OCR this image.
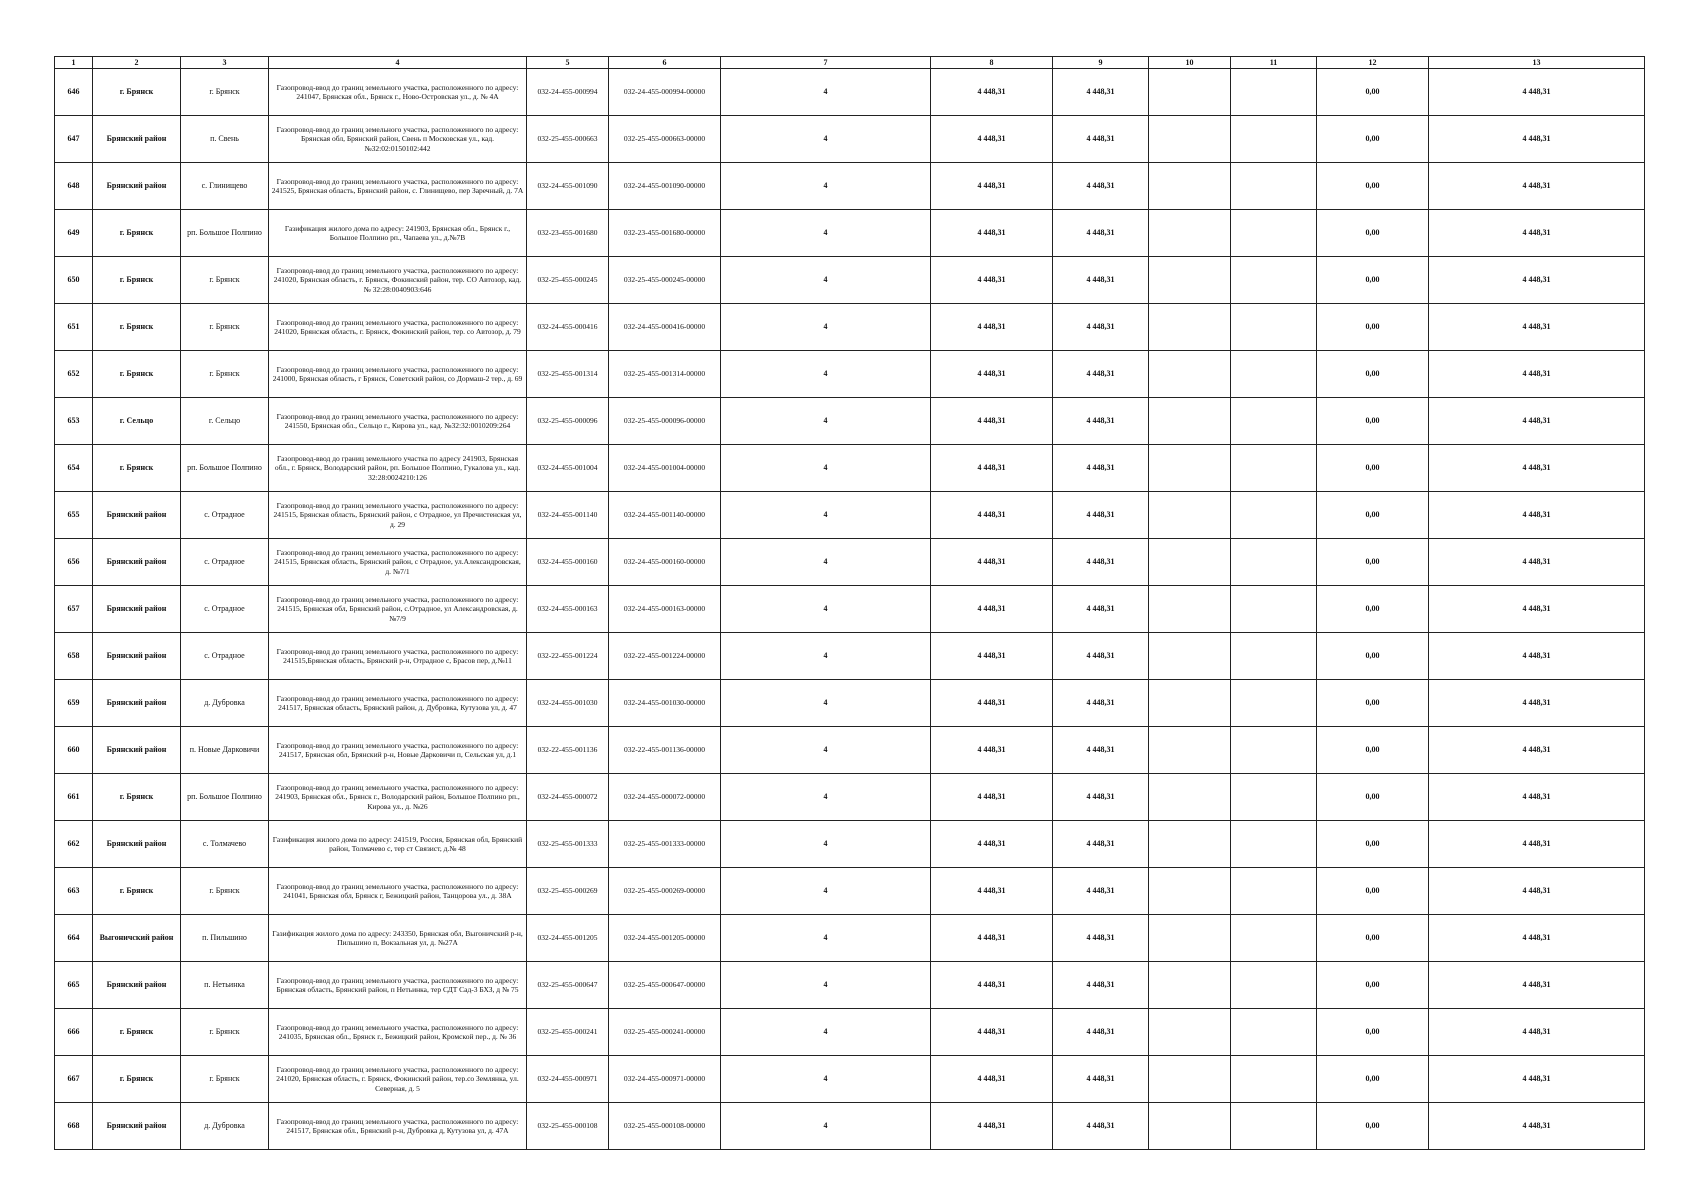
1	2	3	4	5	6	7	8	9	10	11	12	13
646	г. Брянск	г. Брянск	Газопровод-ввод до границ земельного участка, расположенного по адресу: 241047, Брянская обл., Брянск г., Ново-Островская ул., д. № 4А	032-24-455-000994	032-24-455-000994-00000	4	4 448,31	4 448,31			0,00	4 448,31
647	Брянский район	п. Свень	Газопровод-ввод до границ земельного участка, расположенного по адресу: Брянская обл, Брянский район, Свень п Московская ул., кад. №32:02:0150102:442	032-25-455-000663	032-25-455-000663-00000	4	4 448,31	4 448,31			0,00	4 448,31
648	Брянский район	с. Глинищево	Газопровод-ввод до границ земельного участка, расположенного по адресу: 241525, Брянская область, Брянский район, с. Глинищево, пер Заречный, д. 7А	032-24-455-001090	032-24-455-001090-00000	4	4 448,31	4 448,31			0,00	4 448,31
649	г. Брянск	рп. Большое Полпино	Газификация жилого дома по адресу: 241903, Брянская обл., Брянск г., Большое Полпино рп., Чапаева ул., д.№7В	032-23-455-001680	032-23-455-001680-00000	4	4 448,31	4 448,31			0,00	4 448,31
650	г. Брянск	г. Брянск	Газопровод-ввод до границ земельного участка, расположенного по адресу: 241020, Брянская область, г. Брянск, Фокинский район, тер. СО Автозор, кад. № 32:28:0040903:646	032-25-455-000245	032-25-455-000245-00000	4	4 448,31	4 448,31			0,00	4 448,31
651	г. Брянск	г. Брянск	Газопровод-ввод до границ земельного участка, расположенного по адресу: 241020, Брянская область, г. Брянск, Фокинский район, тер. со Автозор, д. 79	032-24-455-000416	032-24-455-000416-00000	4	4 448,31	4 448,31			0,00	4 448,31
652	г. Брянск	г. Брянск	Газопровод-ввод до границ земельного участка, расположенного по адресу: 241000, Брянская область, г Брянск, Советский район, со Дормаш-2 тер., д. 69	032-25-455-001314	032-25-455-001314-00000	4	4 448,31	4 448,31			0,00	4 448,31
653	г. Сельцо	г. Сельцо	Газопровод-ввод до границ земельного участка, расположенного по адресу: 241550, Брянская обл., Сельцо г., Кирова ул., кад. №32:32:0010209:264	032-25-455-000096	032-25-455-000096-00000	4	4 448,31	4 448,31			0,00	4 448,31
654	г. Брянск	рп. Большое Полпино	Газопровод-ввод до границ земельного участка по адресу 241903, Брянская обл., г. Брянск, Володарский район, рп. Большое Полпино, Гукалова ул., кад. 32:28:0024210:126	032-24-455-001004	032-24-455-001004-00000	4	4 448,31	4 448,31			0,00	4 448,31
655	Брянский район	с. Отрадное	Газопровод-ввод до границ земельного участка, расположенного по адресу: 241515, Брянская область, Брянский район, с Отрадное, ул Пречистенская ул, д. 29	032-24-455-001140	032-24-455-001140-00000	4	4 448,31	4 448,31			0,00	4 448,31
656	Брянский район	с. Отрадное	Газопровод-ввод до границ земельного участка, расположенного по адресу: 241515, Брянская область, Брянский район, с Отрадное, ул.Александровская, д. №7/1	032-24-455-000160	032-24-455-000160-00000	4	4 448,31	4 448,31			0,00	4 448,31
657	Брянский район	с. Отрадное	Газопровод-ввод до границ земельного участка, расположенного по адресу: 241515, Брянская обл, Брянский район, с.Отрадное, ул Александровская, д. №7/9	032-24-455-000163	032-24-455-000163-00000	4	4 448,31	4 448,31			0,00	4 448,31
658	Брянский район	с. Отрадное	Газопровод-ввод до границ земельного участка, расположенного по адресу: 241515,Брянская область, Брянский р-н, Отрадное с, Брасов пер, д.№11	032-22-455-001224	032-22-455-001224-00000	4	4 448,31	4 448,31			0,00	4 448,31
659	Брянский район	д. Дубровка	Газопровод-ввод до границ земельного участка, расположенного по адресу: 241517, Брянская область, Брянский район, д. Дубровка, Кутузова ул, д. 47	032-24-455-001030	032-24-455-001030-00000	4	4 448,31	4 448,31			0,00	4 448,31
660	Брянский район	п. Новые Дарковичи	Газопровод-ввод до границ земельного участка, расположенного по адресу: 241517, Брянская обл, Брянский р-н, Новые Дарковичи п, Сельская ул, д.1	032-22-455-001136	032-22-455-001136-00000	4	4 448,31	4 448,31			0,00	4 448,31
661	г. Брянск	рп. Большое Полпино	Газопровод-ввод до границ земельного участка, расположенного по адресу: 241903, Брянская обл., Брянск г., Володарский район, Большое Полпино рп., Кирова ул., д. №26	032-24-455-000072	032-24-455-000072-00000	4	4 448,31	4 448,31			0,00	4 448,31
662	Брянский район	с. Толмачево	Газификация жилого дома по адресу: 241519, Россия, Брянская обл, Брянский район, Толмачево с, тер ст Связист, д.№ 48	032-25-455-001333	032-25-455-001333-00000	4	4 448,31	4 448,31			0,00	4 448,31
663	г. Брянск	г. Брянск	Газопровод-ввод до границ земельного участка, расположенного по адресу: 241041, Брянская обл, Брянск г, Бежицкий район, Танцорова ул., д. 38А	032-25-455-000269	032-25-455-000269-00000	4	4 448,31	4 448,31			0,00	4 448,31
664	Выгоничский район	п. Пильшино	Газификация жилого дома по адресу: 243350, Брянская обл, Выгоничский р-н, Пильшино п, Вокзальная ул, д. №27А	032-24-455-001205	032-24-455-001205-00000	4	4 448,31	4 448,31			0,00	4 448,31
665	Брянский район	п. Нетьинка	Газопровод-ввод до границ земельного участка, расположенного по адресу: Брянская область, Брянский район, п Нетьинка, тер СДТ Сад-3 БХЗ, д № 75	032-25-455-000647	032-25-455-000647-00000	4	4 448,31	4 448,31			0,00	4 448,31
666	г. Брянск	г. Брянск	Газопровод-ввод до границ земельного участка, расположенного по адресу: 241035, Брянская обл., Брянск г., Бежицкий район, Кромской пер., д. № 36	032-25-455-000241	032-25-455-000241-00000	4	4 448,31	4 448,31			0,00	4 448,31
667	г. Брянск	г. Брянск	Газопровод-ввод до границ земельного участка, расположенного по адресу: 241020, Брянская область, г. Брянск, Фокинский район, тер.со Землянка, ул. Северная, д. 5	032-24-455-000971	032-24-455-000971-00000	4	4 448,31	4 448,31			0,00	4 448,31
668	Брянский район	д. Дубровка	Газопровод-ввод до границ земельного участка, расположенного по адресу: 241517, Брянская обл., Брянский р-н, Дубровка д, Кутузова ул, д. 47А	032-25-455-000108	032-25-455-000108-00000	4	4 448,31	4 448,31			0,00	4 448,31
